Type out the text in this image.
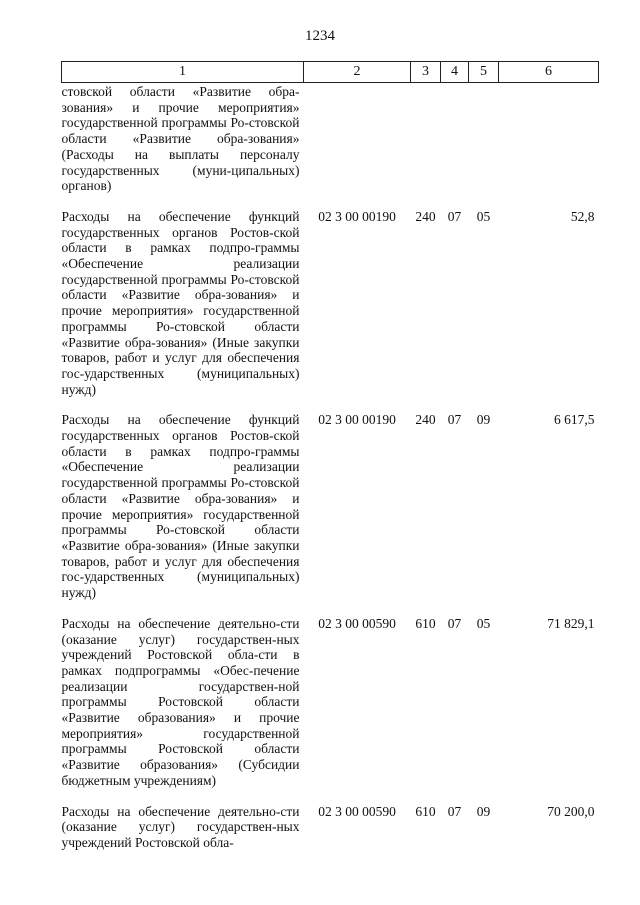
1234
1	2	3	4	5	6
стовской области «Развитие обра-зования» и прочие мероприятия» государственной программы Ро-стовской области «Развитие обра-зования» (Расходы на выплаты персоналу государственных (муни-ципальных) органов)					
Расходы на обеспечение функций государственных органов Ростов-ской области в рамках подпро-граммы «Обеспечение реализации государственной программы Ро-стовской области «Развитие обра-зования» и прочие мероприятия» государственной программы Ро-стовской области «Развитие обра-зования» (Иные закупки товаров, работ и услуг для обеспечения гос-ударственных (муниципальных) нужд)	02 3 00 00190	240	07	05	52,8
Расходы на обеспечение функций государственных органов Ростов-ской области в рамках подпро-граммы «Обеспечение реализации государственной программы Ро-стовской области «Развитие обра-зования» и прочие мероприятия» государственной программы Ро-стовской области «Развитие обра-зования» (Иные закупки товаров, работ и услуг для обеспечения гос-ударственных (муниципальных) нужд)	02 3 00 00190	240	07	09	6 617,5
Расходы на обеспечение деятельно-сти (оказание услуг) государствен-ных учреждений Ростовской обла-сти в рамках подпрограммы «Обес-печение реализации государствен-ной программы Ростовской области «Развитие образования» и прочие мероприятия» государственной программы Ростовской области «Развитие образования» (Субсидии бюджетным учреждениям)	02 3 00 00590	610	07	05	71 829,1
Расходы на обеспечение деятельно-сти (оказание услуг) государствен-ных учреждений Ростовской обла-	02 3 00 00590	610	07	09	70 200,0
